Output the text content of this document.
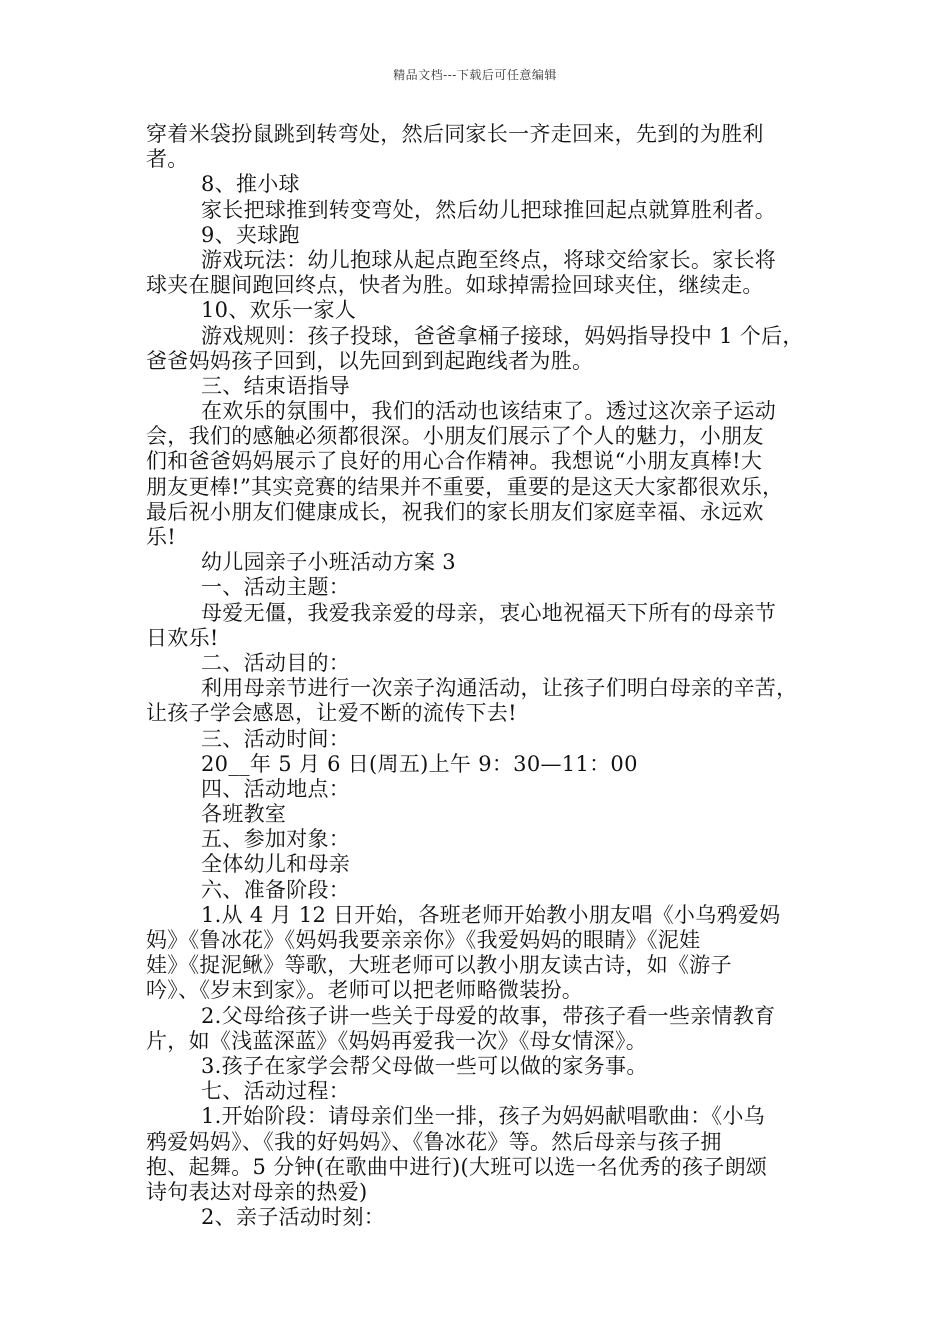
精品文档---下载后可任意编辑
穿着米袋扮鼠跳到转弯处，然后同家长一齐走回来，先到的为胜利
者。
8、推小球
家长把球推到转变弯处，然后幼儿把球推回起点就算胜利者。
9、夹球跑
游戏玩法：幼儿抱球从起点跑至终点，将球交给家长。家长将
球夹在腿间跑回终点，快者为胜。如球掉需捡回球夹住，继续走。
10、欢乐一家人
游戏规则：孩子投球，爸爸拿桶子接球，妈妈指导投中 1 个后，
爸爸妈妈孩子回到，以先回到到起跑线者为胜。
三、结束语指导
在欢乐的氛围中，我们的活动也该结束了。透过这次亲子运动
会，我们的感触必须都很深。小朋友们展示了个人的魅力，小朋友
们和爸爸妈妈展示了良好的用心合作精神。我想说“小朋友真棒!大
朋友更棒!”其实竞赛的结果并不重要，重要的是这天大家都很欢乐，
最后祝小朋友们健康成长，祝我们的家长朋友们家庭幸福、永远欢
乐!
幼儿园亲子小班活动方案 3
一、活动主题：
母爱无僵，我爱我亲爱的母亲，衷心地祝福天下所有的母亲节
日欢乐!
二、活动目的：
利用母亲节进行一次亲子沟通活动，让孩子们明白母亲的辛苦，
让孩子学会感恩，让爱不断的流传下去!
三、活动时间：
20__年 5 月 6 日(周五)上午 9：30—11：00
四、活动地点：
各班教室
五、参加对象：
全体幼儿和母亲
六、准备阶段：
1.从 4 月 12 日开始，各班老师开始教小朋友唱《小乌鸦爱妈
妈》《鲁冰花》《妈妈我要亲亲你》《我爱妈妈的眼睛》《泥娃
娃》《捉泥鳅》等歌，大班老师可以教小朋友读古诗，如《游子
吟》、《岁末到家》。老师可以把老师略微装扮。
2.父母给孩子讲一些关于母爱的故事，带孩子看一些亲情教育
片，如《浅蓝深蓝》《妈妈再爱我一次》《母女情深》。
3.孩子在家学会帮父母做一些可以做的家务事。
七、活动过程：
1.开始阶段：请母亲们坐一排，孩子为妈妈献唱歌曲：《小乌
鸦爱妈妈》、《我的好妈妈》、《鲁冰花》等。然后母亲与孩子拥
抱、起舞。5 分钟(在歌曲中进行)(大班可以选一名优秀的孩子朗颂
诗句表达对母亲的热爱)
2、亲子活动时刻：
